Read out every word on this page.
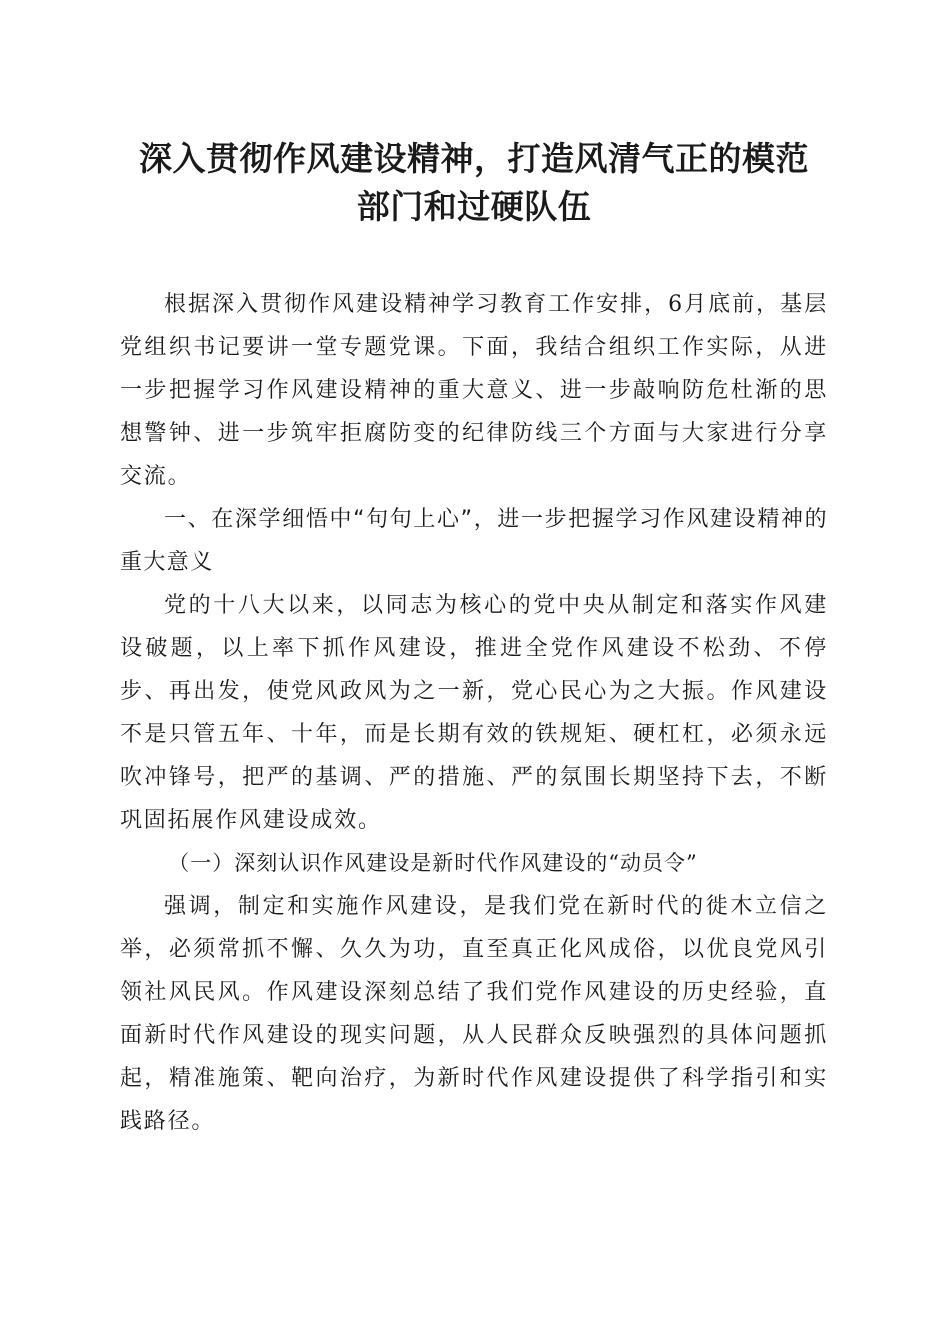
深入贯彻作风建设精神，打造风清气正的模范
部门和过硬队伍

根据深入贯彻作风建设精神学习教育工作安排，6月底前，基层党组织书记要讲一堂专题党课。下面，我结合组织工作实际，从进一步把握学习作风建设精神的重大意义、进一步敲响防危杜渐的思想警钟、进一步筑牢拒腐防变的纪律防线三个方面与大家进行分享交流。

一、在深学细悟中“句句上心”，进一步把握学习作风建设精神的重大意义

党的十八大以来，以同志为核心的党中央从制定和落实作风建设破题，以上率下抓作风建设，推进全党作风建设不松劲、不停步、再出发，使党风政风为之一新，党心民心为之大振。作风建设不是只管五年、十年，而是长期有效的铁规矩、硬杠杠，必须永远吹冲锋号，把严的基调、严的措施、严的氛围长期坚持下去，不断巩固拓展作风建设成效。

（一）深刻认识作风建设是新时代作风建设的“动员令”

强调，制定和实施作风建设，是我们党在新时代的徙木立信之举，必须常抓不懈、久久为功，直至真正化风成俗，以优良党风引领社风民风。作风建设深刻总结了我们党作风建设的历史经验，直面新时代作风建设的现实问题，从人民群众反映强烈的具体问题抓起，精准施策、靶向治疗，为新时代作风建设提供了科学指引和实践路径。
